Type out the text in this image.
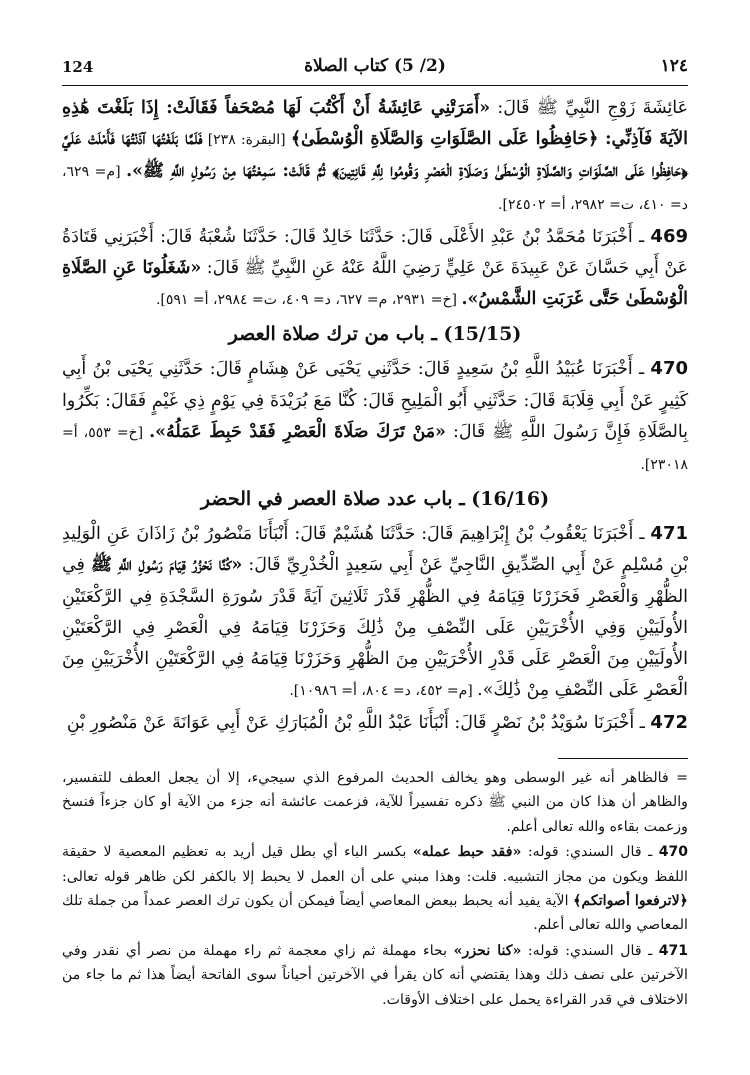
124	(2/ 5) كتاب الصلاة	١٢٤

عَائِشَةَ زَوْجِ النَّبِيِّ ﷺ قَالَ: «أَمَرَتْنِي عَائِشَةُ أَنْ أَكْتُبَ لَهَا مُصْحَفاً فَقَالَتْ: إِذَا بَلَغْتَ هَٰذِهِ الآيَةَ فَآذِنِّي: ﴿حَافِظُوا عَلَى الصَّلَوَاتِ وَالصَّلَاةِ الْوُسْطَىٰ﴾ [البقرة: ٢٣٨] فَلَمَّا بَلَغْتُهَا آذَنْتُهَا فَأَمْلَتْ عَلَيَّ ﴿حَافِظُوا عَلَى الصَّلَوَاتِ وَالصَّلَاةِ الْوُسْطَىٰ وَصَلَاةِ الْعَصْرِ وَقُومُوا لِلَّهِ قَانِتِينَ﴾ ثُمَّ قَالَتْ: سَمِعْتُهَا مِنْ رَسُولِ اللَّهِ ﷺ». [م= ٦٢٩، د= ٤١٠، ت= ٢٩٨٢، أ= ٢٤٥٠٢].

469 ـ أَخْبَرَنَا مُحَمَّدُ بْنُ عَبْدِ الأَعْلَى قَالَ: حَدَّثَنَا خَالِدٌ قَالَ: حَدَّثَنَا شُعْبَةُ قَالَ: أَخْبَرَنِي قَتَادَةُ عَنْ أَبِي حَسَّانَ عَنْ عَبِيدَةَ عَنْ عَلِيٍّ رَضِيَ اللَّهُ عَنْهُ عَنِ النَّبِيِّ ﷺ قَالَ: «شَغَلُونَا عَنِ الصَّلَاةِ الْوُسْطَىٰ حَتَّى غَرَبَتِ الشَّمْسُ». [خ= ٢٩٣١، م= ٦٢٧، د= ٤٠٩، ت= ٢٩٨٤، أ= ٥٩١].

(15/15) ـ باب من ترك صلاة العصر

470 ـ أَخْبَرَنَا عُبَيْدُ اللَّهِ بْنُ سَعِيدٍ قَالَ: حَدَّثَنِي يَحْيَى عَنْ هِشَامٍ قَالَ: حَدَّثَنِي يَحْيَى بْنُ أَبِي كَثِيرٍ عَنْ أَبِي قِلَابَةَ قَالَ: حَدَّثَنِي أَبُو الْمَلِيحِ قَالَ: كُنَّا مَعَ بُرَيْدَةَ فِي يَوْمٍ ذِي غَيْمٍ فَقَالَ: بَكِّرُوا بِالصَّلَاةِ فَإِنَّ رَسُولَ اللَّهِ ﷺ قَالَ: «مَنْ تَرَكَ صَلَاةَ الْعَصْرِ فَقَدْ حَبِطَ عَمَلُهُ». [خ= ٥٥٣، أ= ٢٣٠١٨].

(16/16) ـ باب عدد صلاة العصر في الحضر

471 ـ أَخْبَرَنَا يَعْقُوبُ بْنُ إِبْرَاهِيمَ قَالَ: حَدَّثَنَا هُشَيْمٌ قَالَ: أَنْبَأَنَا مَنْصُورُ بْنُ زَاذَانَ عَنِ الْوَلِيدِ بْنِ مُسْلِمٍ عَنْ أَبِي الصِّدِّيقِ النَّاجِيِّ عَنْ أَبِي سَعِيدٍ الْخُدْرِيِّ قَالَ: «كُنَّا نَحْزُرُ قِيَامَ رَسُولِ اللَّهِ ﷺ فِي الظُّهْرِ وَالْعَصْرِ فَحَزَرْنَا قِيَامَهُ فِي الظُّهْرِ قَدْرَ ثَلَاثِينَ آيَةً قَدْرَ سُورَةِ السَّجْدَةِ فِي الرَّكْعَتَيْنِ الأُولَيَيْنِ وَفِي الأُخْرَيَيْنِ عَلَى النِّصْفِ مِنْ ذَٰلِكَ وَحَزَرْنَا قِيَامَهُ فِي الْعَصْرِ فِي الرَّكْعَتَيْنِ الأُولَيَيْنِ مِنَ الْعَصْرِ عَلَى قَدْرِ الأُخْرَيَيْنِ مِنَ الظُّهْرِ وَحَزَرْنَا قِيَامَهُ فِي الرَّكْعَتَيْنِ الأُخْرَيَيْنِ مِنَ الْعَصْرِ عَلَى النِّصْفِ مِنْ ذَٰلِكَ». [م= ٤٥٢، د= ٨٠٤، أ= ١٠٩٨٦].

472 ـ أَخْبَرَنَا سُوَيْدُ بْنُ نَصْرٍ قَالَ: أَنْبَأَنَا عَبْدُ اللَّهِ بْنُ الْمُبَارَكِ عَنْ أَبِي عَوَانَةَ عَنْ مَنْصُورِ بْنِ

= فالظاهر أنه غير الوسطى وهو يخالف الحديث المرفوع الذي سيجيء، إلا أن يجعل العطف للتفسير، والظاهر أن هذا كان من النبي ﷺ ذكره تفسيراً للآية، فزعمت عائشة أنه جزء من الآية أو كان جزءاً فنسخ وزعمت بقاءه والله تعالى أعلم.

470 ـ قال السندي: قوله: «فقد حبط عمله» بكسر الباء أي بطل قيل أريد به تعظيم المعصية لا حقيقة اللفظ ويكون من مجاز التشبيه. قلت: وهذا مبني على أن العمل لا يحبط إلا بالكفر لكن ظاهر قوله تعالى: ﴿لاترفعوا أصواتكم﴾ الآية يفيد أنه يحبط ببعض المعاصي أيضاً فيمكن أن يكون ترك العصر عمداً من جملة تلك المعاصي والله تعالى أعلم.

471 ـ قال السندي: قوله: «كنا نحزر» بحاء مهملة ثم زاي معجمة ثم راء مهملة من نصر أي نقدر وفي الآخرتين على نصف ذلك وهذا يقتضي أنه كان يقرأ في الآخرتين أحياناً سوى الفاتحة أيضاً هذا ثم ما جاء من الاختلاف في قدر القراءة يحمل على اختلاف الأوقات.
